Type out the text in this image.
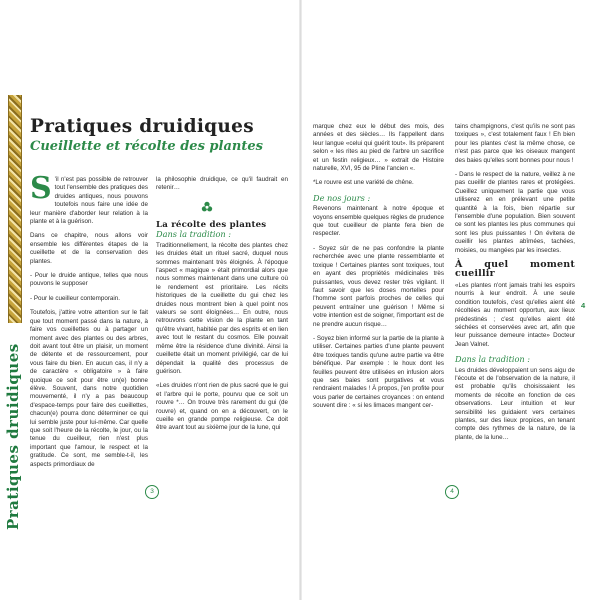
Pratiques druidiques
Pratiques druidiques
Cueillette et récolte des plantes

S 'il n'est pas possible de retrouver tout l'ensemble des pratiques des druides antiques, nous pouvons toutefois nous faire une idée de leur manière d'aborder leur relation à la plante et à la guérison.

Dans ce chapitre, nous allons voir ensemble les différentes étapes de la cueillette et de la conservation des plantes.

- Pour le druide antique, telles que nous pouvons le supposer

- Pour le cueilleur contemporain.

Toutefois, j'attire votre attention sur le fait que tout moment passé dans la nature, à faire vos cueillettes ou à partager un moment avec des plantes ou des arbres, doit avant tout être un plaisir, un moment de détente et de ressourcement, pour vous faire du bien. En aucun cas, il n'y a de caractère « obligatoire » à faire quoique ce soit pour être un(e) bonne élève. Souvent, dans notre quotidien mouvementé, il n'y a pas beaucoup d'espace-temps pour faire des cueillettes, chacun(e) pourra donc déterminer ce qui lui semble juste pour lui-même. Car quelle que soit l'heure de la récolte, le jour, ou la tenue du cueilleur, rien n'est plus important que l'amour, le respect et la gratitude. Ce sont, me semble-t-il, les aspects primordiaux de

la philosophie druidique, ce qu'il faudrait en retenir…

La récolte des plantes
Dans la tradition :

Traditionnellement, la récolte des plantes chez les druides était un rituel sacré, duquel nous sommes maintenant très éloignés. À l'époque l'aspect « magique » était primordial alors que nous sommes maintenant dans une culture où le rendement est prioritaire. Les récits historiques de la cueillette du gui chez les druides nous montrent bien à quel point nos valeurs se sont éloignées… En outre, nous retrouvons cette vision de la plante en tant qu'être vivant, habitée par des esprits et en lien avec tout le restant du cosmos. Elle pouvait même être la résidence d'une divinité. Ainsi la cueillette était un moment privilégié, car de lui dépendait la qualité des processus de guérison.

«Les druides n'ont rien de plus sacré que le gui et l'arbre qui le porte, pourvu que ce soit un rouvre *… On trouve très rarement du gui (de rouvre) et, quand on en a découvert, on le cueille en grande pompe religieuse. Ce doit être avant tout au sixième jour de la lune, qui

3

marque chez eux le début des mois, des années et des siècles… Ils l'appellent dans leur langue «celui qui guérit tout». Ils préparent selon « les rites au pied de l'arbre un sacrifice et un festin religieux… » extrait de Histoire naturelle, XVI, 95 de Pline l'ancien «.

*Le rouvre est une variété de chêne.

De nos jours :

Revenons maintenant à notre époque et voyons ensemble quelques règles de prudence que tout cueilleur de plante fera bien de respecter.

- Soyez sûr de ne pas confondre la plante recherchée avec une plante ressemblante et toxique ! Certaines plantes sont toxiques, tout en ayant des propriétés médicinales très puissantes, vous devez rester très vigilant. Il faut savoir que les doses mortelles pour l'homme sont parfois proches de celles qui peuvent entraîner une guérison ! Même si votre intention est de soigner, l'important est de ne prendre aucun risque…

- Soyez bien informé sur la partie de la plante à utiliser. Certaines parties d'une plante peuvent être toxiques tandis qu'une autre partie va être bénéfique. Par exemple : le houx dont les feuilles peuvent être utilisées en infusion alors que ses baies sont purgatives et vous rendraient malades ! À propos, j'en profite pour vous parler de certaines croyances : on entend souvent dire : « si les limaces mangent cer-

tains champignons, c'est qu'ils ne sont pas toxiques », c'est totalement faux ! Eh bien pour les plantes c'est la même chose, ce n'est pas parce que les oiseaux mangent des baies qu'elles sont bonnes pour nous !

- Dans le respect de la nature, veillez à ne pas cueillir de plantes rares et protégées. Cueillez uniquement la partie que vous utiliserez en en prélevant une petite quantité à la fois, bien répartie sur l'ensemble d'une population. Bien souvent ce sont les plantes les plus communes qui sont les plus puissantes ! On évitera de cueillir les plantes abîmées, tachées, moisies, ou mangées par les insectes.

À quel moment cueillir

«Les plantes n'ont jamais trahi les espoirs nourris à leur endroit. À une seule condition toutefois, c'est qu'elles aient été récoltées au moment opportun, aux lieux prédestinés ; c'est qu'elles aient été séchées et conservées avec art, afin que leur puissance demeure intacte» Docteur Jean Valnet.

Dans la tradition :

Les druides développaient un sens aigu de l'écoute et de l'observation de la nature, il est probable qu'ils choisissaient les moments de récolte en fonction de ces observations. Leur intuition et leur sensibilité les guidaient vers certaines plantes, sur des lieux propices, en tenant compte des rythmes de la nature, de la plante, de la lune…

4
4
